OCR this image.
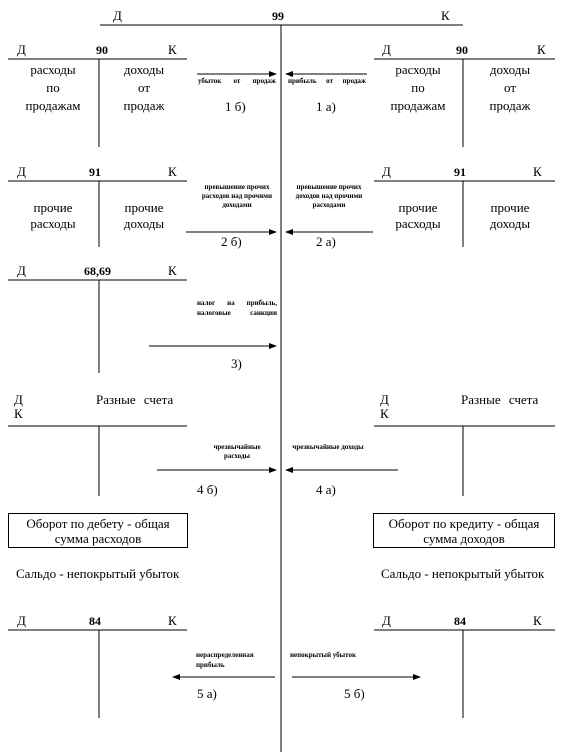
Д	99	К
Д	90	К
расходы
по
продажам
доходы
от
продаж
Д	90	К
расходы
по
продажам
доходы
от
продаж
убыток от продаж
1 б)
прибыль от продаж
1 а)
Д	91	К
прочие
расходы
прочие
доходы
Д	91	К
прочие
расходы
прочие
доходы
превышение прочих расходов над прочими доходами
2 б)
превышение прочих доходов над прочими расходами
2 а)
Д	68,69	К
налог на прибыль, налоговые санкции
3)
Д	Разные счета
К
Д	Разные счета
К
чрезвычайные расходы
4 б)
чрезвычайные доходы
4 а)
Оборот по дебету - общая сумма расходов
Оборот по кредиту - общая сумма доходов
Сальдо - непокрытый убыток	Сальдо - непокрытый убыток
Д	84	К	Д	84	К
нераспределенная прибыль
5 а)
непокрытый убыток
5 б)
